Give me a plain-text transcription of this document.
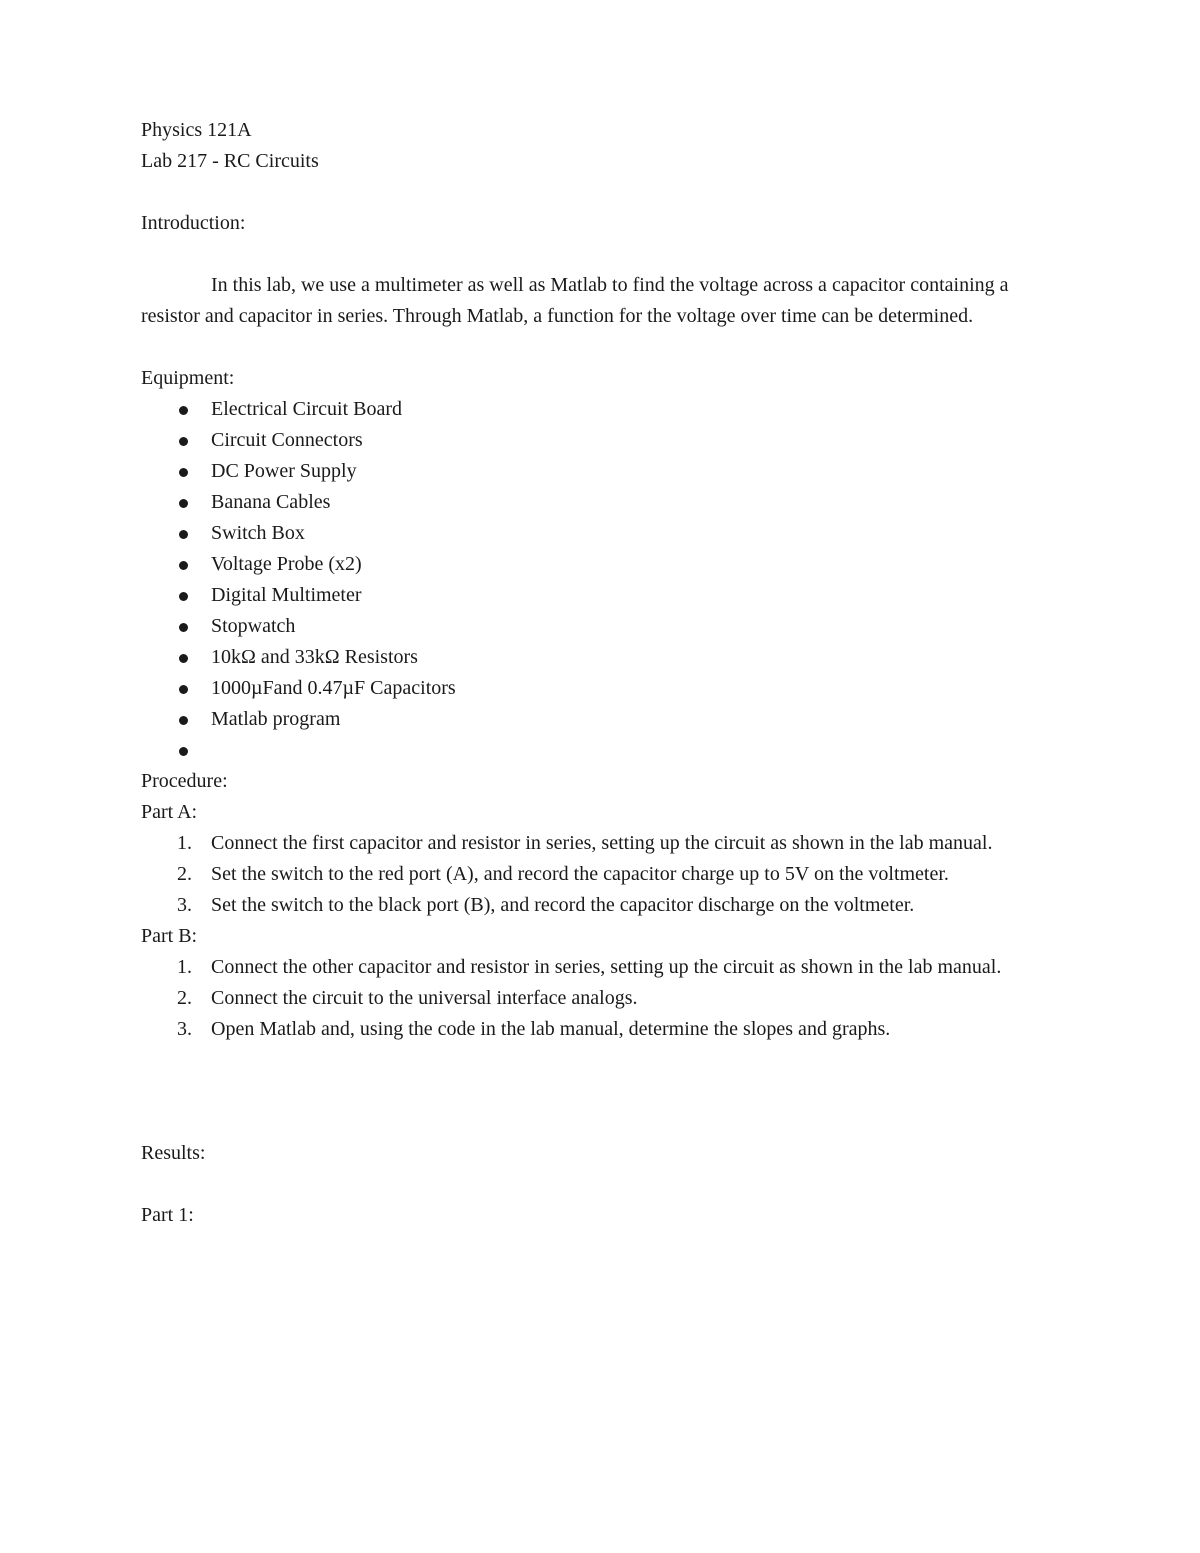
Physics 121A
Lab 217 - RC Circuits
Introduction:

In this lab, we use a multimeter as well as Matlab to find the voltage across a capacitor containing a resistor and capacitor in series. Through Matlab, a function for the voltage over time can be determined.

Equipment:
Electrical Circuit Board
Circuit Connectors
DC Power Supply
Banana Cables
Switch Box
Voltage Probe (x2)
Digital Multimeter
Stopwatch
10kΩ and 33kΩ Resistors
1000µFand 0.47µF Capacitors
Matlab program
Procedure:
Part A:
1. Connect the first capacitor and resistor in series, setting up the circuit as shown in the lab manual.
2. Set the switch to the red port (A), and record the capacitor charge up to 5V on the voltmeter.
3. Set the switch to the black port (B), and record the capacitor discharge on the voltmeter.
Part B:
1. Connect the other capacitor and resistor in series, setting up the circuit as shown in the lab manual.
2. Connect the circuit to the universal interface analogs.
3. Open Matlab and, using the code in the lab manual, determine the slopes and graphs.
Results:
Part 1:
